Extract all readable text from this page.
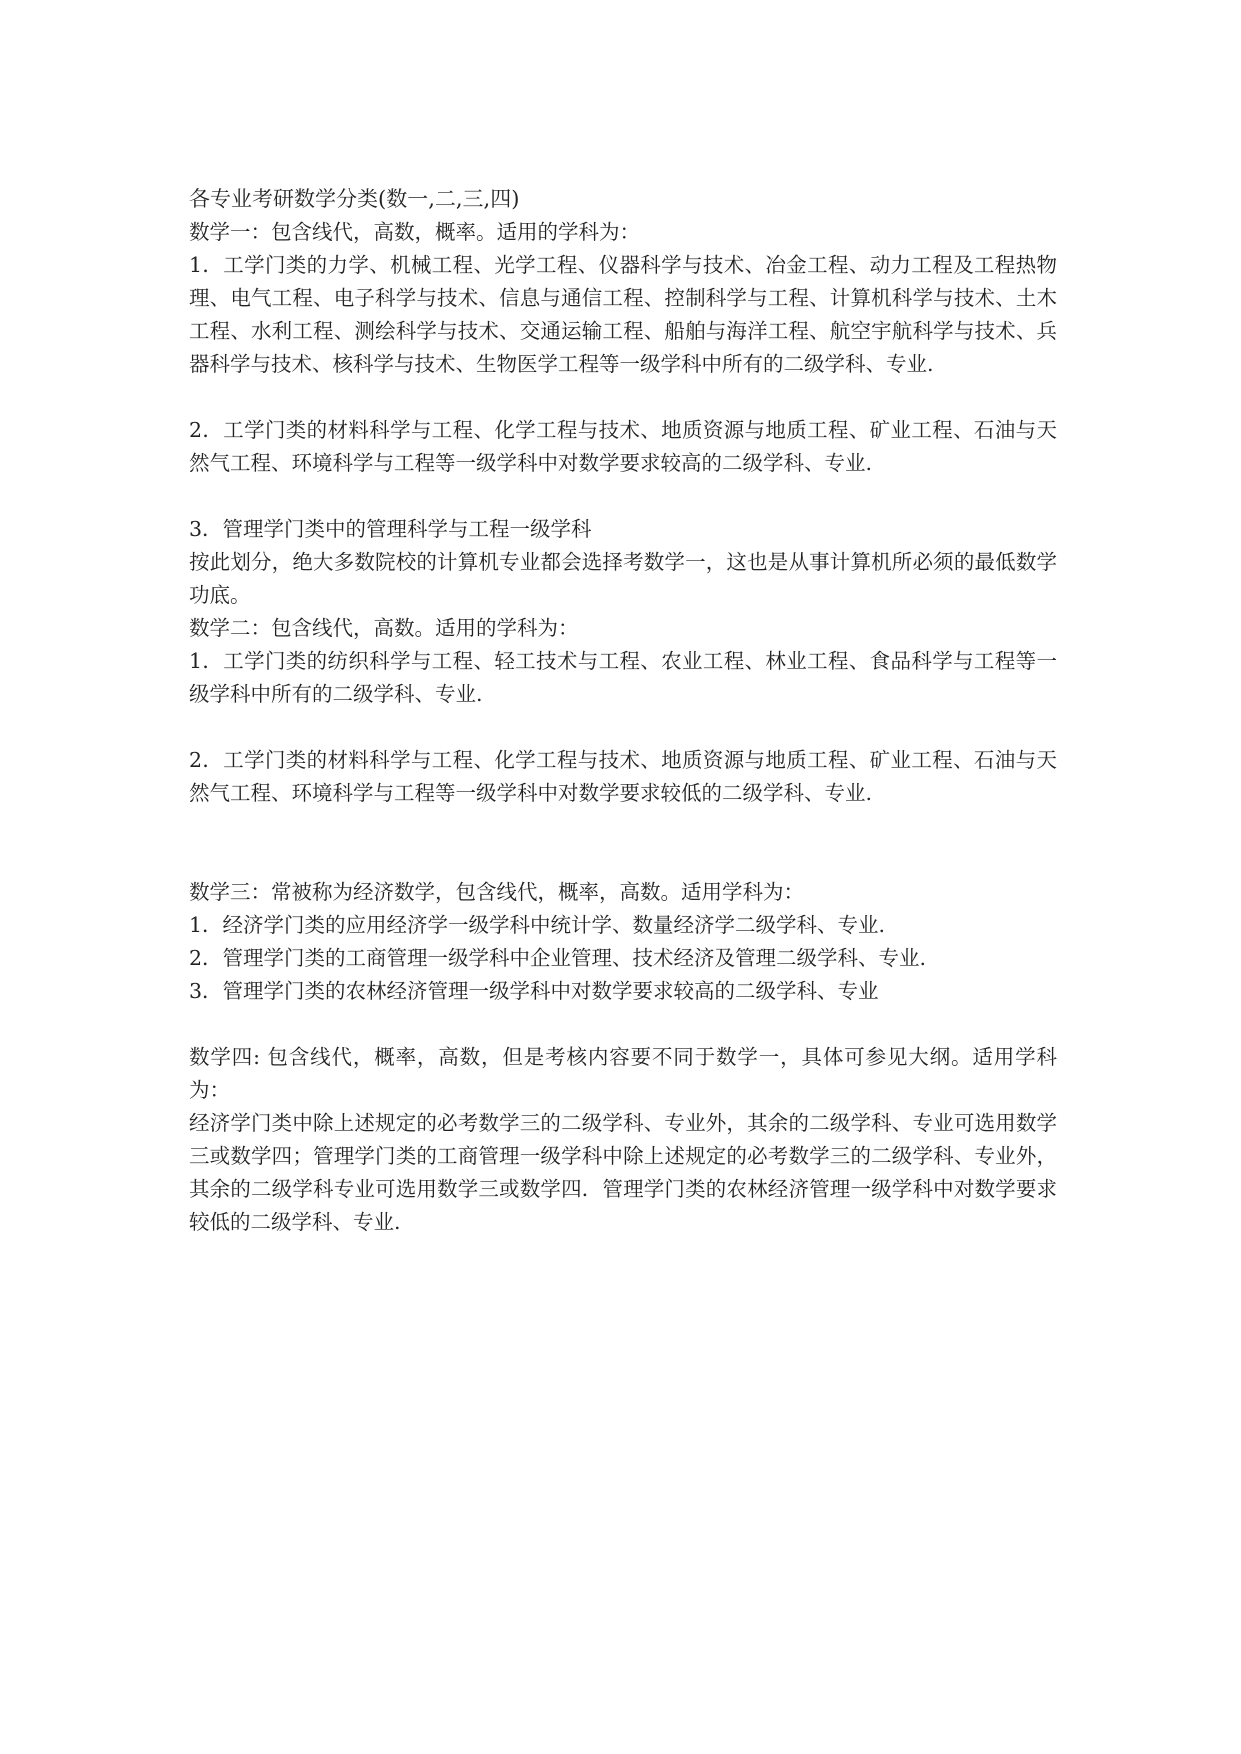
各专业考研数学分类(数一,二,三,四)

数学一：包含线代，高数，概率。适用的学科为：

1．工学门类的力学、机械工程、光学工程、仪器科学与技术、冶金工程、动力工程及工程热物理、电气工程、电子科学与技术、信息与通信工程、控制科学与工程、计算机科学与技术、土木工程、水利工程、测绘科学与技术、交通运输工程、船舶与海洋工程、航空宇航科学与技术、兵器科学与技术、核科学与技术、生物医学工程等一级学科中所有的二级学科、专业.

2．工学门类的材料科学与工程、化学工程与技术、地质资源与地质工程、矿业工程、石油与天然气工程、环境科学与工程等一级学科中对数学要求较高的二级学科、专业.

3．管理学门类中的管理科学与工程一级学科

按此划分，绝大多数院校的计算机专业都会选择考数学一，这也是从事计算机所必须的最低数学功底。

数学二：包含线代，高数。适用的学科为：

1．工学门类的纺织科学与工程、轻工技术与工程、农业工程、林业工程、食品科学与工程等一级学科中所有的二级学科、专业.

2．工学门类的材料科学与工程、化学工程与技术、地质资源与地质工程、矿业工程、石油与天然气工程、环境科学与工程等一级学科中对数学要求较低的二级学科、专业.

数学三：常被称为经济数学，包含线代，概率，高数。适用学科为：

1．经济学门类的应用经济学一级学科中统计学、数量经济学二级学科、专业.

2．管理学门类的工商管理一级学科中企业管理、技术经济及管理二级学科、专业.

3．管理学门类的农林经济管理一级学科中对数学要求较高的二级学科、专业

数学四: 包含线代，概率，高数，但是考核内容要不同于数学一，具体可参见大纲。适用学科为：

经济学门类中除上述规定的必考数学三的二级学科、专业外，其余的二级学科、专业可选用数学三或数学四；管理学门类的工商管理一级学科中除上述规定的必考数学三的二级学科、专业外，其余的二级学科专业可选用数学三或数学四．管理学门类的农林经济管理一级学科中对数学要求较低的二级学科、专业.
